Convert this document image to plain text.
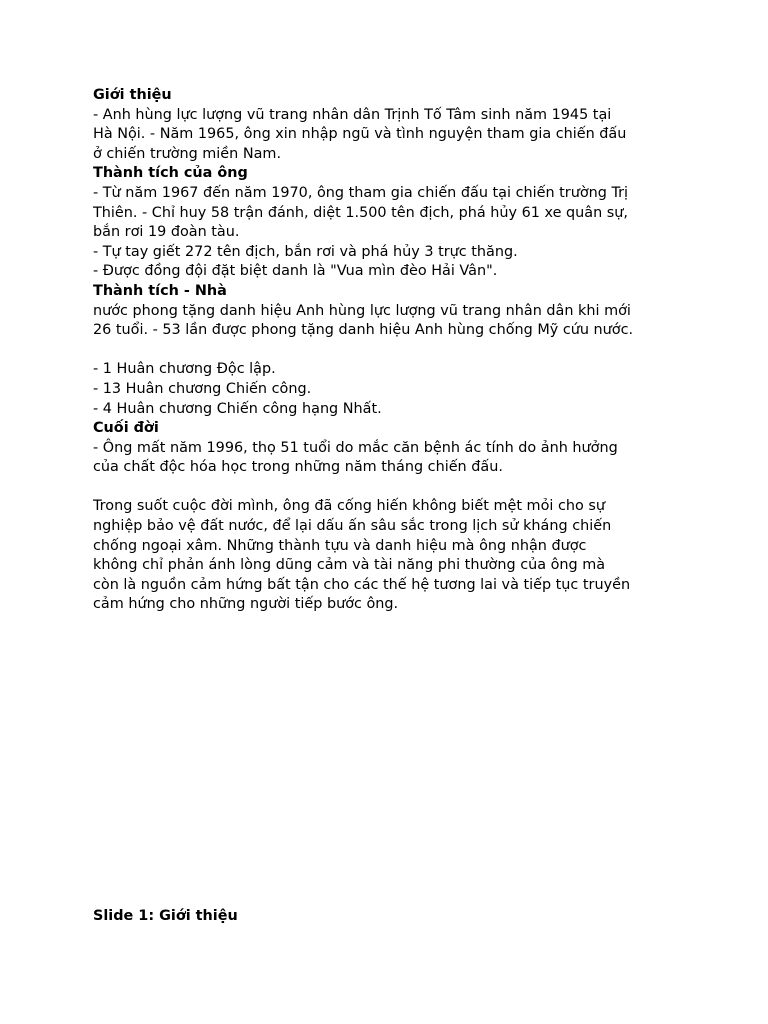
Giới thiệu
- Anh hùng lực lượng vũ trang nhân dân Trịnh Tố Tâm sinh năm 1945 tại
Hà Nội. - Năm 1965, ông xin nhập ngũ và tình nguyện tham gia chiến đấu
ở chiến trường miền Nam.
Thành tích của ông
- Từ năm 1967 đến năm 1970, ông tham gia chiến đấu tại chiến trường Trị
Thiên. - Chỉ huy 58 trận đánh, diệt 1.500 tên địch, phá hủy 61 xe quân sự,
bắn rơi 19 đoàn tàu.
- Tự tay giết 272 tên địch, bắn rơi và phá hủy 3 trực thăng.
- Được đồng đội đặt biệt danh là "Vua mìn đèo Hải Vân".
Thành tích - Nhà
nước phong tặng danh hiệu Anh hùng lực lượng vũ trang nhân dân khi mới
26 tuổi. - 53 lần được phong tặng danh hiệu Anh hùng chống Mỹ cứu nước.
- 1 Huân chương Độc lập.
- 13 Huân chương Chiến công.
- 4 Huân chương Chiến công hạng Nhất.
Cuối đời
- Ông mất năm 1996, thọ 51 tuổi do mắc căn bệnh ác tính do ảnh hưởng
của chất độc hóa học trong những năm tháng chiến đấu.
Trong suốt cuộc đời mình, ông đã cống hiến không biết mệt mỏi cho sự
nghiệp bảo vệ đất nước, để lại dấu ấn sâu sắc trong lịch sử kháng chiến
chống ngoại xâm. Những thành tựu và danh hiệu mà ông nhận được
không chỉ phản ánh lòng dũng cảm và tài năng phi thường của ông mà
còn là nguồn cảm hứng bất tận cho các thế hệ tương lai và tiếp tục truyền
cảm hứng cho những người tiếp bước ông.
Slide 1: Giới thiệu
